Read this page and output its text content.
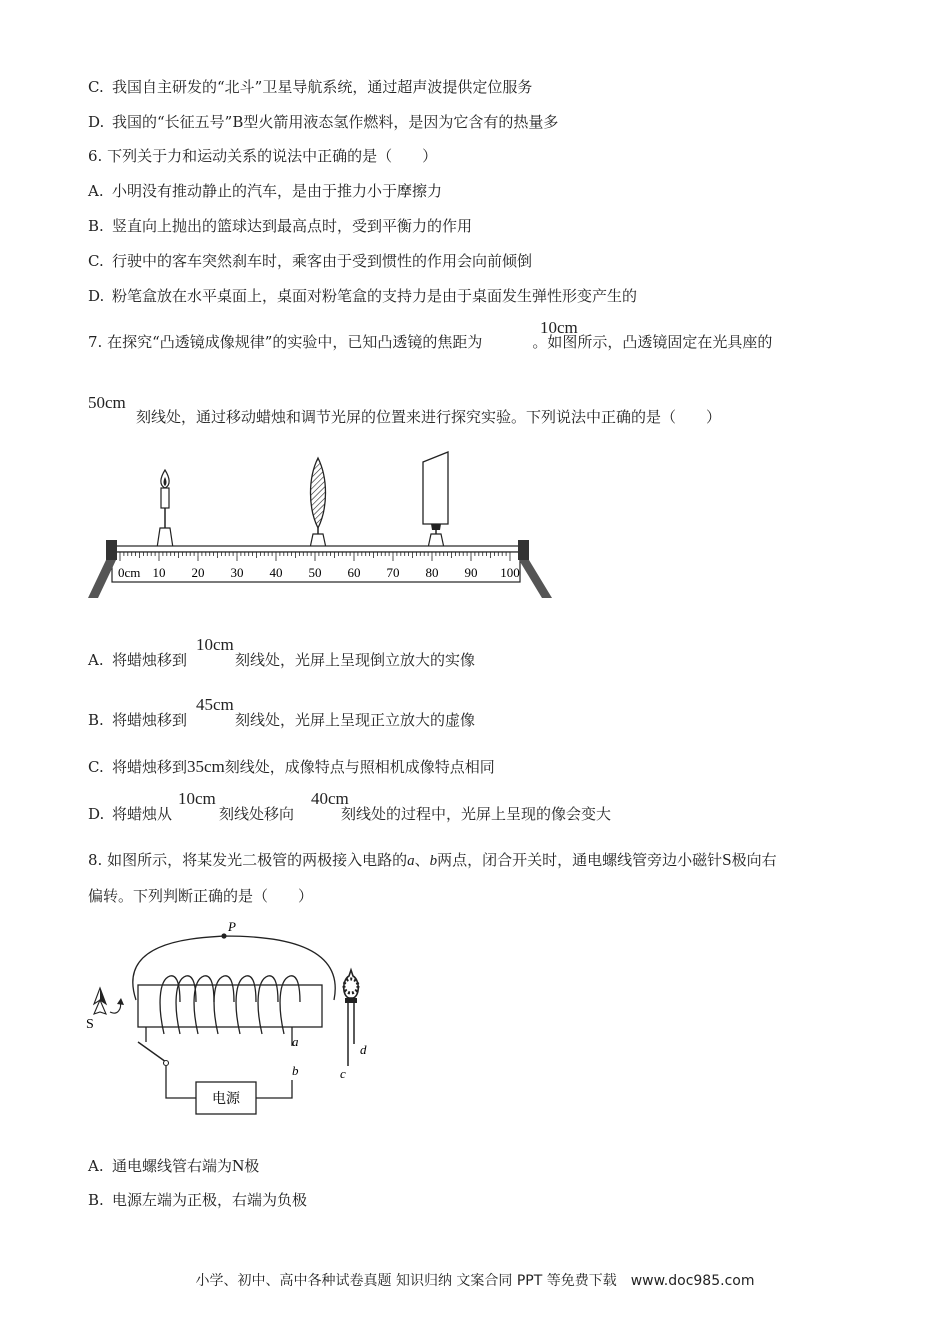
C. 我国自主研发的“北斗”卫星导航系统，通过超声波提供定位服务
D. 我国的“长征五号”B型火箭用液态氢作燃料，是因为它含有的热量多
6. 下列关于力和运动关系的说法中正确的是（　　）
A. 小明没有推动静止的汽车，是由于推力小于摩擦力
B. 竖直向上抛出的篮球达到最高点时，受到平衡力的作用
C. 行驶中的客车突然刹车时，乘客由于受到惯性的作用会向前倾倒
D. 粉笔盒放在水平桌面上，桌面对粉笔盒的支持力是由于桌面发生弹性形变产生的
7. 在探究“凸透镜成像规律”的实验中，已知凸透镜的焦距为	。如图所示，凸透镜固定在光具座的
10cm
50cm
刻线处，通过移动蜡烛和调节光屏的位置来进行探究实验。下列说法中正确的是（　　）
0cm 10 20 30 40 50 60 70 80 90 100
10cm
A. 将蜡烛移到	刻线处，光屏上呈现倒立放大的实像
45cm
B. 将蜡烛移到	刻线处，光屏上呈现正立放大的虚像
C. 将蜡烛移到35cm刻线处，成像特点与照相机成像特点相同
10cm	40cm
D. 将蜡烛从	刻线处移向	刻线处的过程中，光屏上呈现的像会变大
8. 如图所示，将某发光二极管的两极接入电路的a、b两点，闭合开关时，通电螺线管旁边小磁针S极向右
偏转。下列判断正确的是（　　）
P
a
S
电源
b
d
c
A. 通电螺线管右端为N极
B. 电源左端为正极，右端为负极
小学、初中、高中各种试卷真题 知识归纳 文案合同 PPT 等免费下载　www.doc985.com
